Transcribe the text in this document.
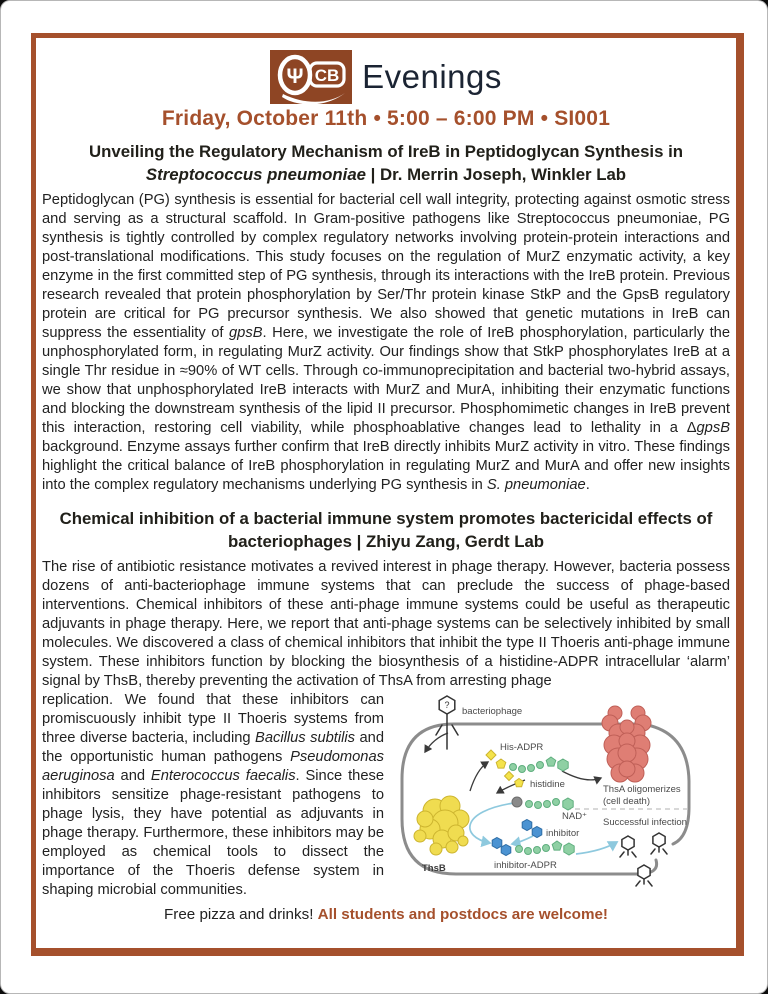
Ψ CB Evenings
Friday, October 11th • 5:00 – 6:00 PM • SI001
Unveiling the Regulatory Mechanism of IreB in Peptidoglycan Synthesis in Streptococcus pneumoniae | Dr. Merrin Joseph, Winkler Lab
Peptidoglycan (PG) synthesis is essential for bacterial cell wall integrity, protecting against osmotic stress and serving as a structural scaffold. In Gram-positive pathogens like Streptococcus pneumoniae, PG synthesis is tightly controlled by complex regulatory networks involving protein-protein interactions and post-translational modifications. This study focuses on the regulation of MurZ enzymatic activity, a key enzyme in the first committed step of PG synthesis, through its interactions with the IreB protein. Previous research revealed that protein phosphorylation by Ser/Thr protein kinase StkP and the GpsB regulatory protein are critical for PG precursor synthesis. We also showed that genetic mutations in IreB can suppress the essentiality of gpsB. Here, we investigate the role of IreB phosphorylation, particularly the unphosphorylated form, in regulating MurZ activity. Our findings show that StkP phosphorylates IreB at a single Thr residue in ≈90% of WT cells. Through co-immunoprecipitation and bacterial two-hybrid assays, we show that unphosphorylated IreB interacts with MurZ and MurA, inhibiting their enzymatic functions and blocking the downstream synthesis of the lipid II precursor. Phosphomimetic changes in IreB prevent this interaction, restoring cell viability, while phosphoablative changes lead to lethality in a ΔgpsB background. Enzyme assays further confirm that IreB directly inhibits MurZ activity in vitro. These findings highlight the critical balance of IreB phosphorylation in regulating MurZ and MurA and offer new insights into the complex regulatory mechanisms underlying PG synthesis in S. pneumoniae.
Chemical inhibition of a bacterial immune system promotes bactericidal effects of bacteriophages | Zhiyu Zang, Gerdt Lab
The rise of antibiotic resistance motivates a revived interest in phage therapy. However, bacteria possess dozens of anti-bacteriophage immune systems that can preclude the success of phage-based interventions. Chemical inhibitors of these anti-phage immune systems could be useful as therapeutic adjuvants in phage therapy. Here, we report that anti-phage systems can be selectively inhibited by small molecules. We discovered a class of chemical inhibitors that inhibit the type II Thoeris anti-phage immune system. These inhibitors function by blocking the biosynthesis of a histidine-ADPR intracellular ‘alarm’ signal by ThsB, thereby preventing the activation of ThsA from arresting phage
replication. We found that these inhibitors can promiscuously inhibit type II Thoeris systems from three diverse bacteria, including Bacillus subtilis and the opportunistic human pathogens Pseudomonas aeruginosa and Enterococcus faecalis. Since these inhibitors sensitize phage-resistant pathogens to phage lysis, they have potential as adjuvants in phage therapy. Furthermore, these inhibitors may be employed as chemical tools to dissect the importance of the Thoeris defense system in shaping microbial communities.
?
bacteriophage
His-ADPR
histidine
NAD⁺
ThsA oligomerizes
(cell death)
Successful infection
ThsB
inhibitor
inhibitor-ADPR
Free pizza and drinks! All students and postdocs are welcome!
